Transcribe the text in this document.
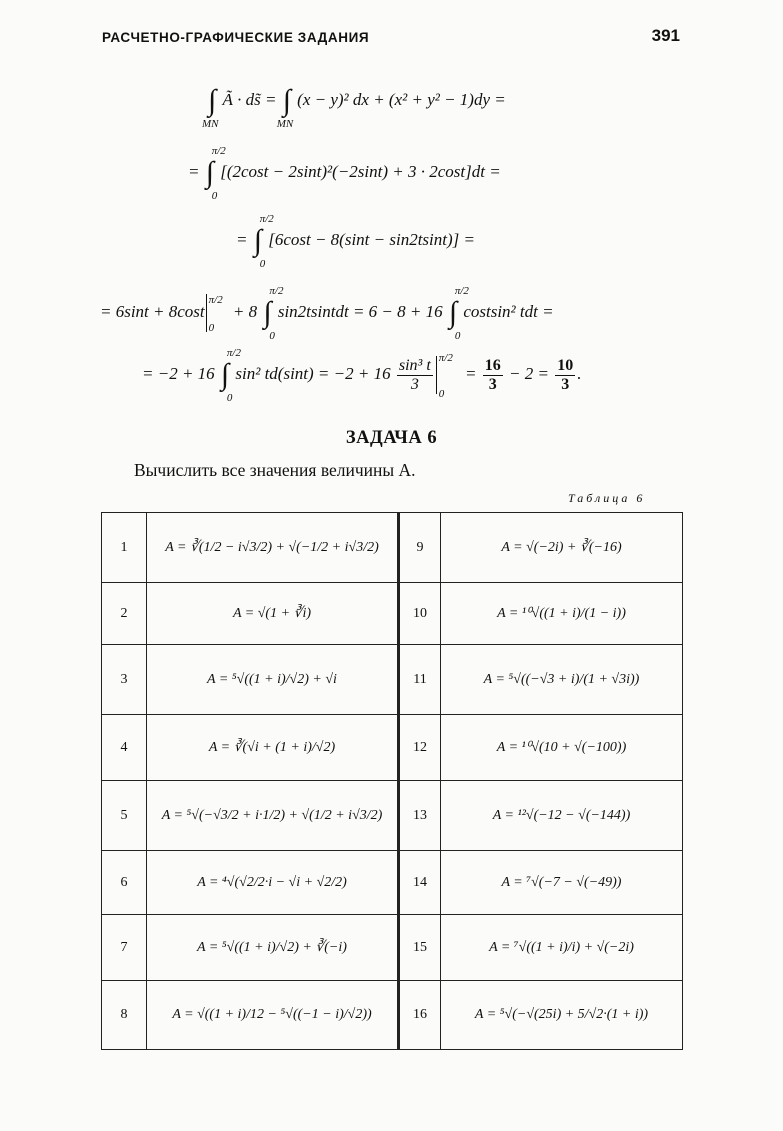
РАСЧЕТНО-ГРАФИЧЕСКИЕ ЗАДАНИЯ	391
∫
MN
Ã · ds̃ = ∫
MN
(x − y)² dx + (x² + y² − 1)dy =
= ∫
π/2
0
[(2cost − 2sint)²(−2sint) + 3 · 2cost]dt =
= ∫
π/2
0
[6cost − 8(sint − sin2tsint)] =
= 6sint + 8cost
π/2
0
+ 8 ∫
π/2
0
sin2tsintdt = 6 − 8 + 16 ∫
π/2
0
costsin² tdt =
= −2 + 16 ∫
π/2
0
sin² $td(\sin t) = -2 + 16 \frac{\text{sin³ t}}{3} \pi/2$
0
= $\frac{16}{3} - 2 = \frac{10}{3}$ .
ЗАДАЧА 6
Вычислить все значения величины A.
Таблица 6
1	A = ∛(1/2 − i√3/2) + √(−1/2 + i√3/2)	9	A = √(−2i) + ∛(−16)
2	A = √(1 + ∛i)	10	A = ¹⁰√((1 + i)/(1 − i))
3	A = ⁵√((1 + i)/√2) + √i	11	A = ⁵√((−√3 + i)/(1 + √3i))
4	A = ∛(√i + (1 + i)/√2)	12	A = ¹⁰√(10 + √(−100))
5	A = ⁵√(−√3/2 + i·1/2) + √(1/2 + i√3/2)	13	A = ¹²√(−12 − √(−144))
6	A = ⁴√(√2/2·i − √i + √2/2)	14	A = ⁷√(−7 − √(−49))
7	A = ⁵√((1 + i)/√2) + ∛(−i)	15	A = ⁷√((1 + i)/i) + √(−2i)
8	A = √((1 + i)/12 − ⁵√((−1 − i)/√2))	16	A = ⁵√(−√(25i) + 5/√2·(1 + i))
